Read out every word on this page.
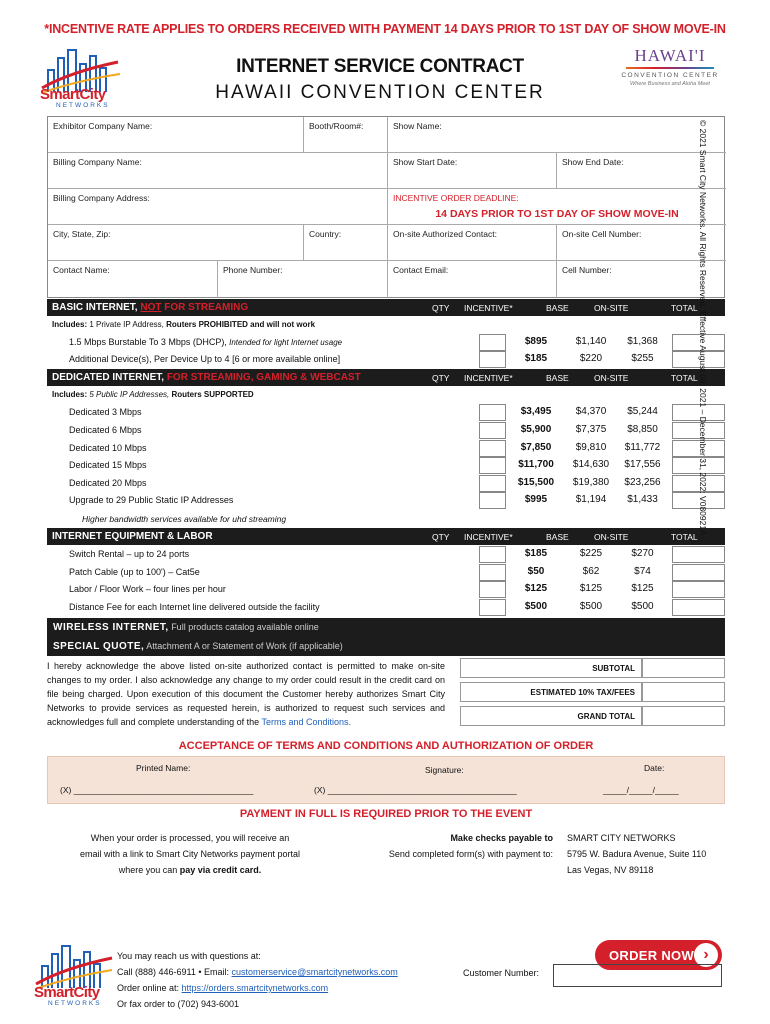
*INCENTIVE RATE APPLIES TO ORDERS RECEIVED WITH PAYMENT 14 DAYS PRIOR TO 1ST DAY OF SHOW MOVE-IN
SmartCity
NETWORKS
INTERNET SERVICE CONTRACT
HAWAII CONVENTION CENTER
HAWAI'I
CONVENTION CENTER
Where Business and Aloha Meet
Exhibitor Company Name:	Booth/Room#:	Show Name:
Billing Company Name:	Show Start Date:	Show End Date:
Billing Company Address:	INCENTIVE ORDER DEADLINE:
14 DAYS PRIOR TO 1ST DAY OF SHOW MOVE-IN
City, State, Zip:	Country:	On-site Authorized Contact:	On-site Cell Number:
Contact Name:	Phone Number:	Contact Email:	Cell Number:
BASIC INTERNET, NOT FOR STREAMING	QTY INCENTIVE*	BASE	ON-SITE	TOTAL
Includes: 1 Private IP Address, Routers PROHIBITED and will not work
1.5 Mbps Burstable To 3 Mbps (DHCP), Intended for light Internet usage	$895	$1,140	$1,368
Additional Device(s), Per Device Up to 4 [6 or more available online]	$185	$220	$255
DEDICATED INTERNET, FOR STREAMING, GAMING & WEBCAST	QTY INCENTIVE*	BASE	ON-SITE	TOTAL
Includes: 5 Public IP Addresses, Routers SUPPORTED
Dedicated 3 Mbps	$3,495	$4,370	$5,244
Dedicated 6 Mbps	$5,900	$7,375	$8,850
Dedicated 10 Mbps	$7,850	$9,810	$11,772
Dedicated 15 Mbps	$11,700	$14,630	$17,556
Dedicated 20 Mbps	$15,500	$19,380	$23,256
Upgrade to 29 Public Static IP Addresses	$995	$1,194	$1,433
Higher bandwidth services available for uhd streaming
INTERNET EQUIPMENT & LABOR	QTY INCENTIVE*	BASE	ON-SITE	TOTAL
Switch Rental – up to 24 ports	$185	$225	$270
Patch Cable (up to 100') – Cat5e	$50	$62	$74
Labor / Floor Work – four lines per hour	$125	$125	$125
Distance Fee for each Internet line delivered outside the facility	$500	$500	$500
WIRELESS INTERNET, Full products catalog available online
SPECIAL QUOTE, Attachment A or Statement of Work (if applicable)
I hereby acknowledge the above listed on-site authorized contact is permitted to make on-site changes to my order. I also acknowledge any change to my order could result in the credit card on file being charged. Upon execution of this document the Customer hereby authorizes Smart City Networks to provide services as requested herein, is authorized to request such services and acknowledges full and complete understanding of the Terms and Conditions.
SUBTOTAL
ESTIMATED 10% TAX/FEES
GRAND TOTAL
ACCEPTANCE OF TERMS AND CONDITIONS AND AUTHORIZATION OF ORDER
Printed Name:	Signature:	Date:
(X) ______________________________________	(X) ________________________________________	_____/_____/_____
PAYMENT IN FULL IS REQUIRED PRIOR TO THE EVENT
When your order is processed, you will receive an
email with a link to Smart City Networks payment portal
where you can pay via credit card.
Make checks payable to
Send completed form(s) with payment to:
SMART CITY NETWORKS
5795 W. Badura Avenue, Suite 110
Las Vegas, NV 89118
SmartCity
NETWORKS
You may reach us with questions at:
Call (888) 446-6911 • Email: customerservice@smartcitynetworks.com
Order online at: https://orders.smartcitynetworks.com
Or fax order to (702) 943-6001
ORDER NOW ›
Customer Number:
© 2021 Smart City Networks. All Rights Reserved. Effective August 09, 2021 – December 31, 2022: V080921A
